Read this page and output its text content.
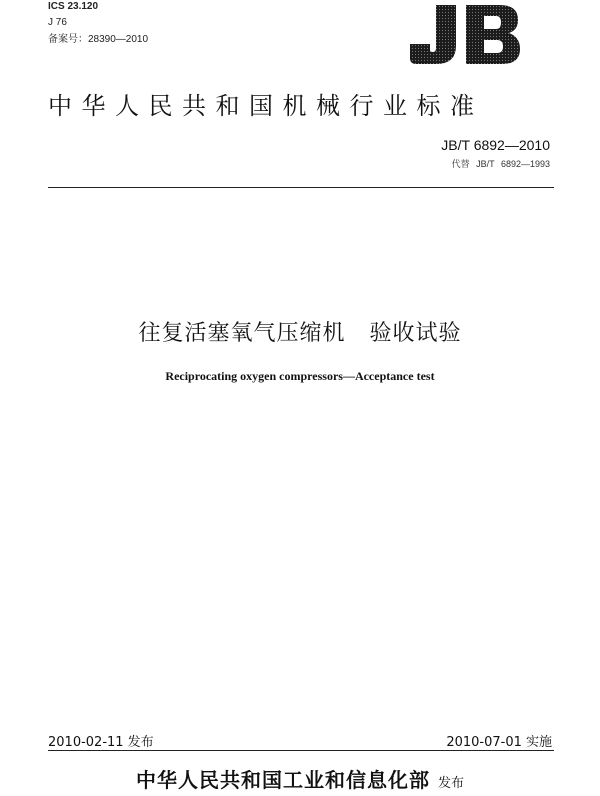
ICS 23.120
J 76
备案号：28390—2010
中华人民共和国机械行业标准
JB/T 6892—2010
代替 JB/T 6892—1993
往复活塞氧气压缩机   验收试验
Reciprocating oxygen compressors—Acceptance test
2010-02-11 发布	2010-07-01 实施
中华人民共和国工业和信息化部 发布
